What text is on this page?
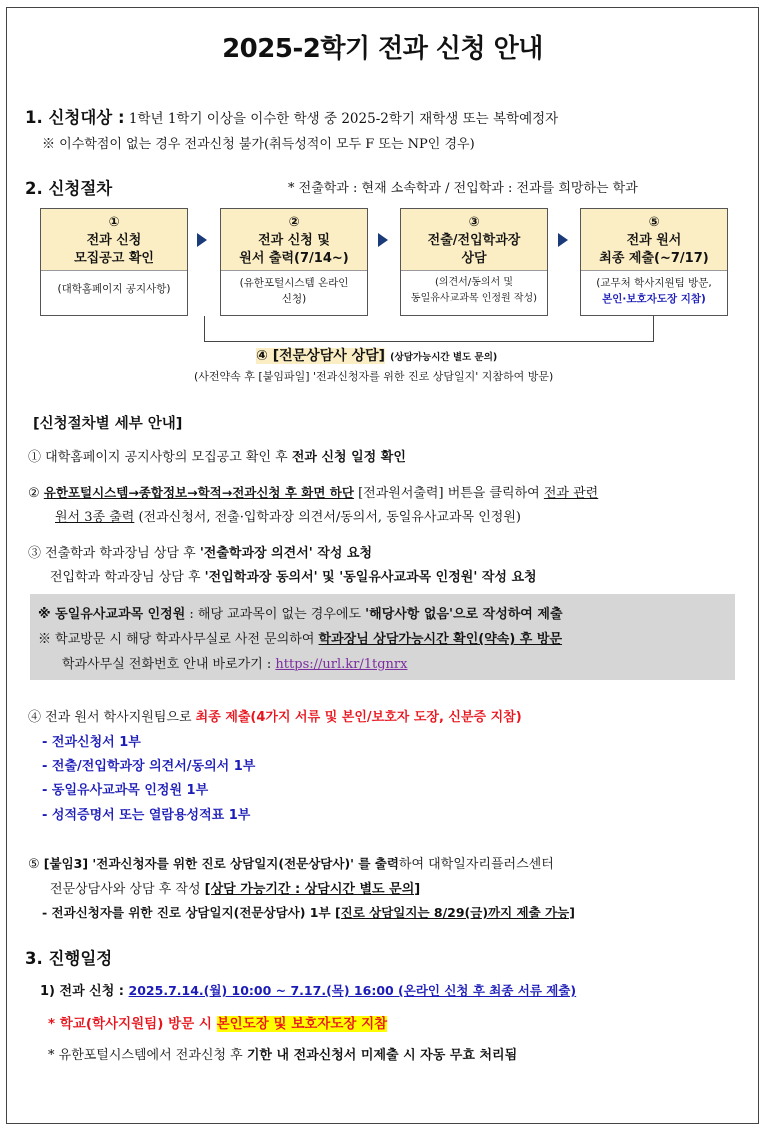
2025-2학기 전과 신청 안내
1. 신청대상 : 1학년 1학기 이상을 이수한 학생 중 2025-2학기 재학생 또는 복학예정자
※ 이수학점이 없는 경우 전과신청 불가(취득성적이 모두 F 또는 NP인 경우)
2. 신청절차	* 전출학과 : 현재 소속학과 / 전입학과 : 전과를 희망하는 학과
①
전과 신청
모집공고 확인
(대학홈페이지 공지사항)
②
전과 신청 및
원서 출력(7/14~)
(유한포털시스템 온라인
신청)
③
전출/전입학과장
상담
(의견서/동의서 및
동일유사교과목 인정원 작성)
⑤
전과 원서
최종 제출(~7/17)
(교무처 학사지원팀 방문,
본인·보호자도장 지참)
④ [전문상담사 상담] (상담가능시간 별도 문의)
(사전약속 후 [붙임파일] '전과신청자를 위한 진로 상담일지' 지참하여 방문)
[신청절차별 세부 안내]
① 대학홈페이지 공지사항의 모집공고 확인 후 전과 신청 일정 확인
② 유한포털시스템→종합정보→학적→전과신청 후 화면 하단 [전과원서출력] 버튼을 클릭하여 전과 관련
원서 3종 출력 (전과신청서, 전출·입학과장 의견서/동의서, 동일유사교과목 인정원)
③ 전출학과 학과장님 상담 후 '전출학과장 의견서' 작성 요청
전입학과 학과장님 상담 후 '전입학과장 동의서' 및 '동일유사교과목 인정원' 작성 요청
※ 동일유사교과목 인정원 : 해당 교과목이 없는 경우에도 '해당사항 없음'으로 작성하여 제출
※ 학교방문 시 해당 학과사무실로 사전 문의하여 학과장님 상담가능시간 확인(약속) 후 방문
학과사무실 전화번호 안내 바로가기 : https://url.kr/1tgnrx
④ 전과 원서 학사지원팀으로 최종 제출(4가지 서류 및 본인/보호자 도장, 신분증 지참)
- 전과신청서 1부
- 전출/전입학과장 의견서/동의서 1부
- 동일유사교과목 인정원 1부
- 성적증명서 또는 열람용성적표 1부
⑤ [붙임3] '전과신청자를 위한 진로 상담일지(전문상담사)' 를 출력하여 대학일자리플러스센터
전문상담사와 상담 후 작성 [상담 가능기간 : 상담시간 별도 문의]
- 전과신청자를 위한 진로 상담일지(전문상담사) 1부 [진로 상담일지는 8/29(금)까지 제출 가능]
3. 진행일정
1) 전과 신청 : 2025.7.14.(월) 10:00 ~ 7.17.(목) 16:00 (온라인 신청 후 최종 서류 제출)
* 학교(학사지원팀) 방문 시 본인도장 및 보호자도장 지참
* 유한포털시스템에서 전과신청 후 기한 내 전과신청서 미제출 시 자동 무효 처리됨
